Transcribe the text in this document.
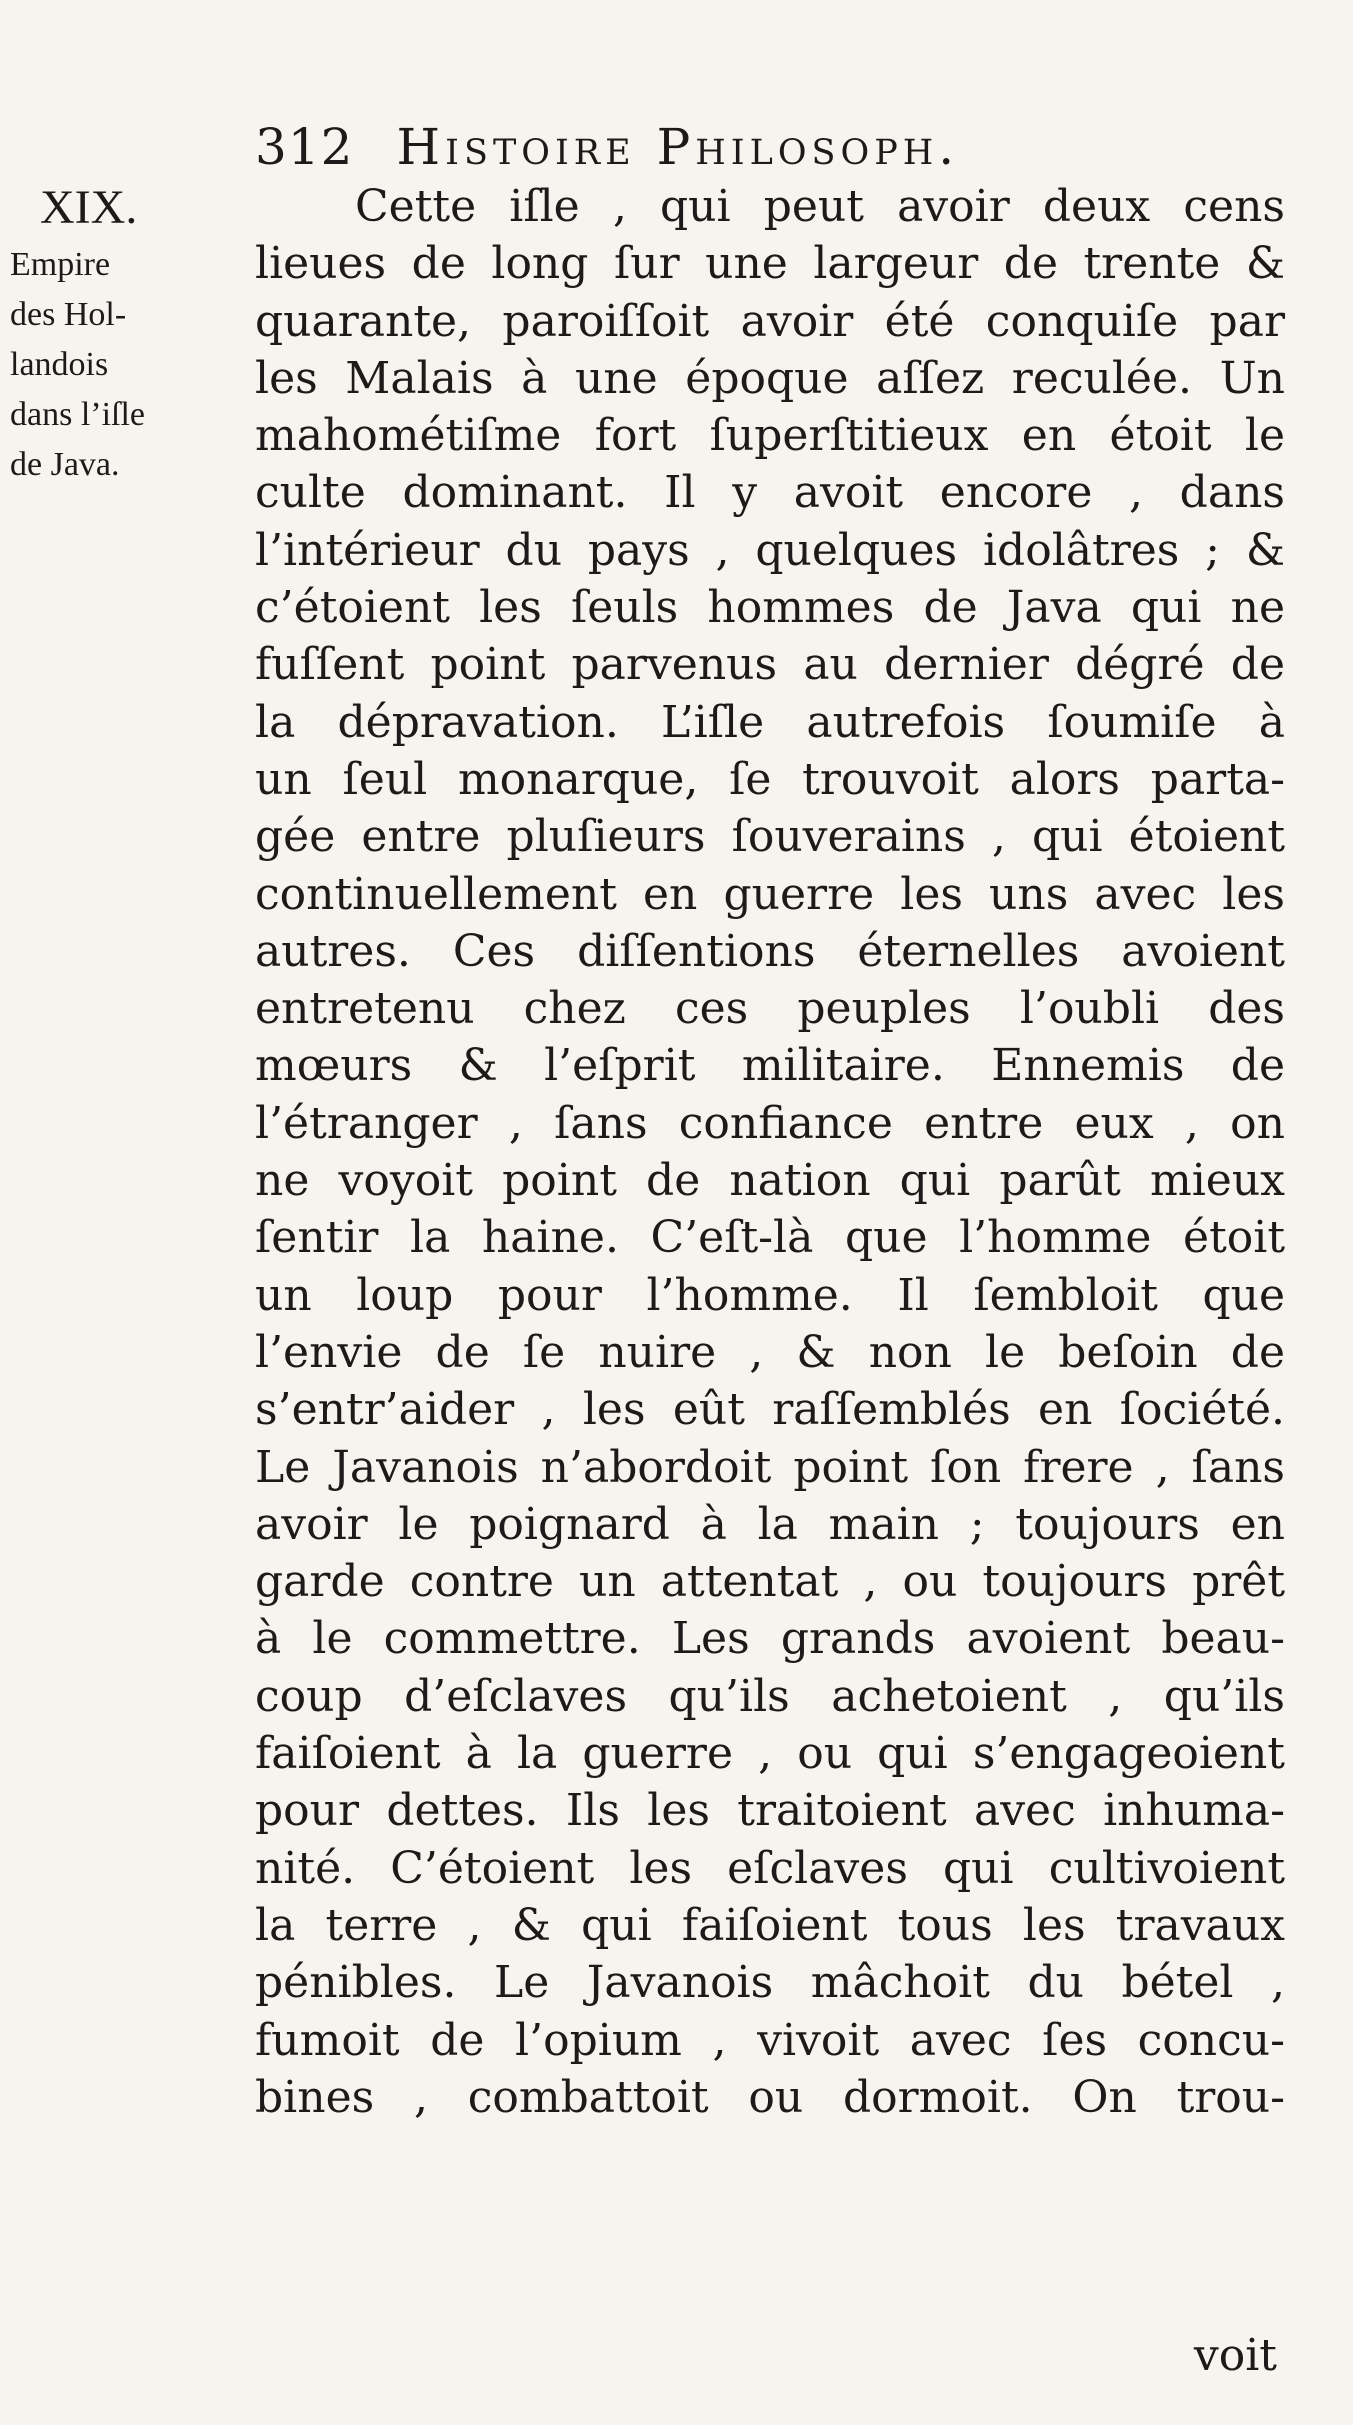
312 Histoire Philosoph.
XIX.
Empire
des Hol-
landois
dans l’iſle
de Java.
Cette iſle , qui peut avoir deux cens
lieues de long ſur une largeur de trente &
quarante, paroiſſoit avoir été conquiſe par
les Malais à une époque aſſez reculée. Un
mahométiſme fort ſuperſtitieux en étoit le
culte dominant. Il y avoit encore , dans
l’intérieur du pays , quelques idolâtres ; &
c’étoient les ſeuls hommes de Java qui ne
fuſſent point parvenus au dernier dégré de
la dépravation. L’iſle autrefois ſoumiſe à
un ſeul monarque, ſe trouvoit alors parta-
gée entre pluſieurs ſouverains , qui étoient
continuellement en guerre les uns avec les
autres. Ces diſſentions éternelles avoient
entretenu chez ces peuples l’oubli des
mœurs & l’eſprit militaire. Ennemis de
l’étranger , ſans confiance entre eux , on
ne voyoit point de nation qui parût mieux
ſentir la haine. C’eſt-là que l’homme étoit
un loup pour l’homme. Il ſembloit que
l’envie de ſe nuire , & non le beſoin de
s’entr’aider , les eût raſſemblés en ſociété.
Le Javanois n’abordoit point ſon frere , ſans
avoir le poignard à la main ; toujours en
garde contre un attentat , ou toujours prêt
à le commettre. Les grands avoient beau-
coup d’eſclaves qu’ils achetoient , qu’ils
faiſoient à la guerre , ou qui s’engageoient
pour dettes. Ils les traitoient avec inhuma-
nité. C’étoient les eſclaves qui cultivoient
la terre , & qui faiſoient tous les travaux
pénibles. Le Javanois mâchoit du bétel ,
fumoit de l’opium , vivoit avec ſes concu-
bines , combattoit ou dormoit. On trou-
voit
